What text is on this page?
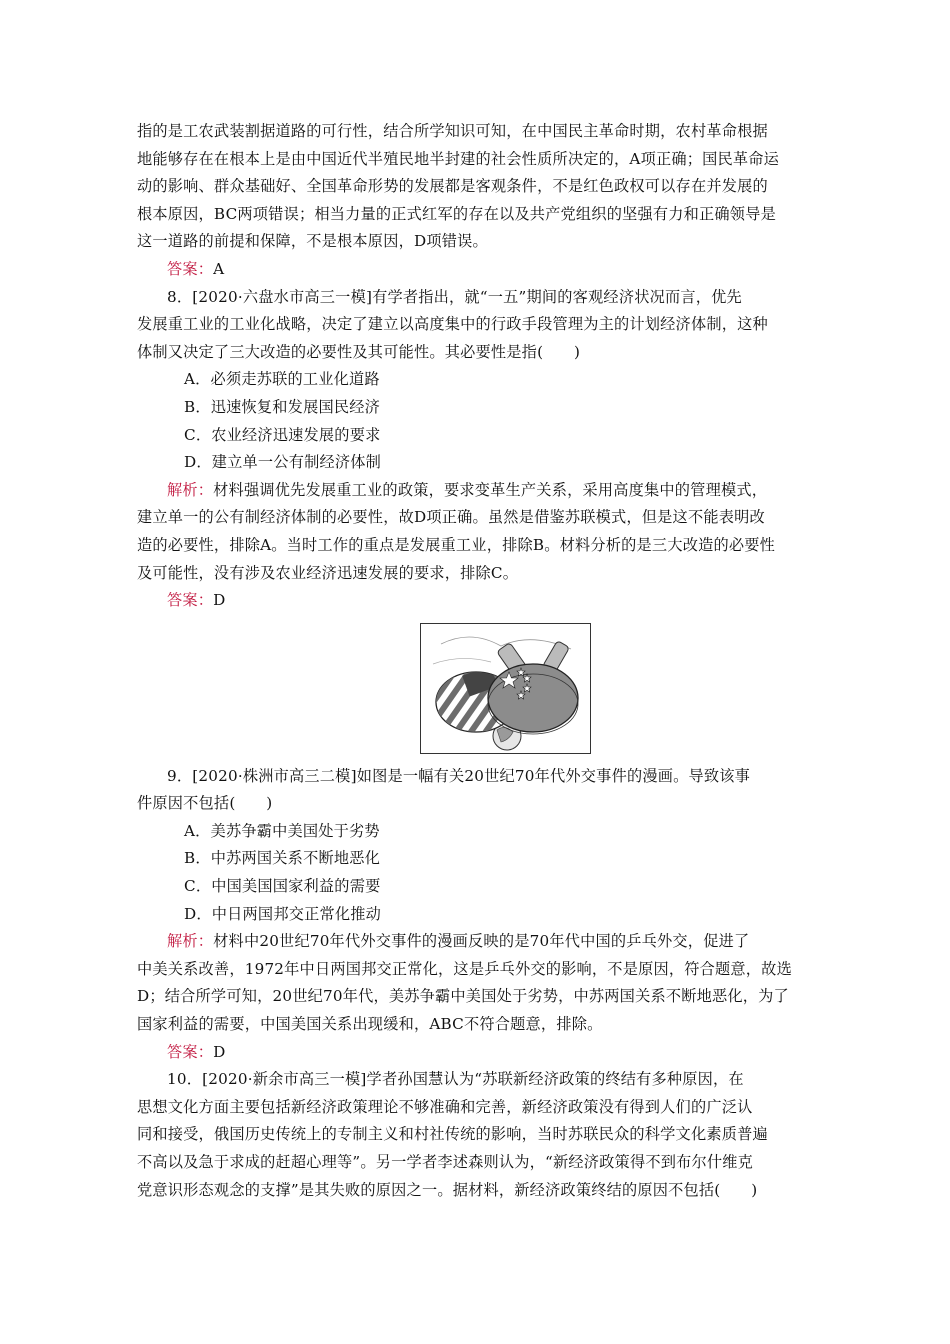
指的是工农武装割据道路的可行性，结合所学知识可知，在中国民主革命时期，农村革命根据

地能够存在在根本上是由中国近代半殖民地半封建的社会性质所决定的，A项正确；国民革命运

动的影响、群众基础好、全国革命形势的发展都是客观条件，不是红色政权可以存在并发展的

根本原因，BC两项错误；相当力量的正式红军的存在以及共产党组织的坚强有力和正确领导是

这一道路的前提和保障，不是根本原因，D项错误。

答案：A

8．[2020·六盘水市高三一模]有学者指出，就“一五”期间的客观经济状况而言，优先

发展重工业的工业化战略，决定了建立以高度集中的行政手段管理为主的计划经济体制，这种

体制又决定了三大改造的必要性及其可能性。其必要性是指(　　)

A．必须走苏联的工业化道路

B．迅速恢复和发展国民经济

C．农业经济迅速发展的要求

D．建立单一公有制经济体制

解析：材料强调优先发展重工业的政策，要求变革生产关系，采用高度集中的管理模式，

建立单一的公有制经济体制的必要性，故D项正确。虽然是借鉴苏联模式，但是这不能表明改

造的必要性，排除A。当时工作的重点是发展重工业，排除B。材料分析的是三大改造的必要性

及可能性，没有涉及农业经济迅速发展的要求，排除C。

答案：D

9．[2020·株洲市高三二模]如图是一幅有关20世纪70年代外交事件的漫画。导致该事

件原因不包括(　　)

A．美苏争霸中美国处于劣势

B．中苏两国关系不断地恶化

C．中国美国国家利益的需要

D．中日两国邦交正常化推动

解析：材料中20世纪70年代外交事件的漫画反映的是70年代中国的乒乓外交，促进了

中美关系改善，1972年中日两国邦交正常化，这是乒乓外交的影响，不是原因，符合题意，故选

D；结合所学可知，20世纪70年代，美苏争霸中美国处于劣势，中苏两国关系不断地恶化，为了

国家利益的需要，中国美国关系出现缓和，ABC不符合题意，排除。

答案：D

10．[2020·新余市高三一模]学者孙国慧认为“苏联新经济政策的终结有多种原因，在

思想文化方面主要包括新经济政策理论不够准确和完善，新经济政策没有得到人们的广泛认

同和接受，俄国历史传统上的专制主义和村社传统的影响，当时苏联民众的科学文化素质普遍

不高以及急于求成的赶超心理等”。另一学者李述森则认为，“新经济政策得不到布尔什维克

党意识形态观念的支撑”是其失败的原因之一。据材料，新经济政策终结的原因不包括(　　)
